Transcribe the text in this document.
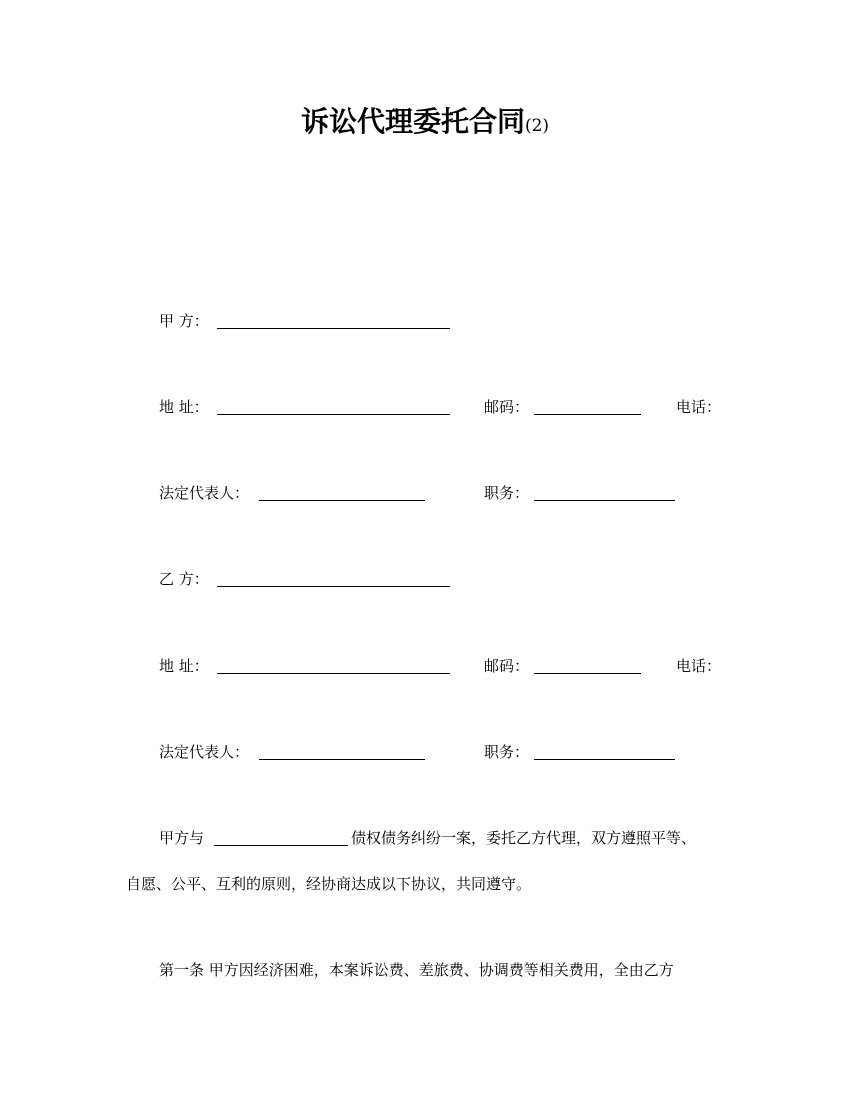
诉讼代理委托合同(2)
甲 方：
地 址：	邮码：	电话：
法定代表人：	职务：
乙 方：
地 址：	邮码：	电话：
法定代表人：	职务：
甲方与	债权债务纠纷一案，委托乙方代理，双方遵照平等、
自愿、公平、互利的原则，经协商达成以下协议，共同遵守。
第一条 甲方因经济困难，本案诉讼费、差旅费、协调费等相关费用，全由乙方
